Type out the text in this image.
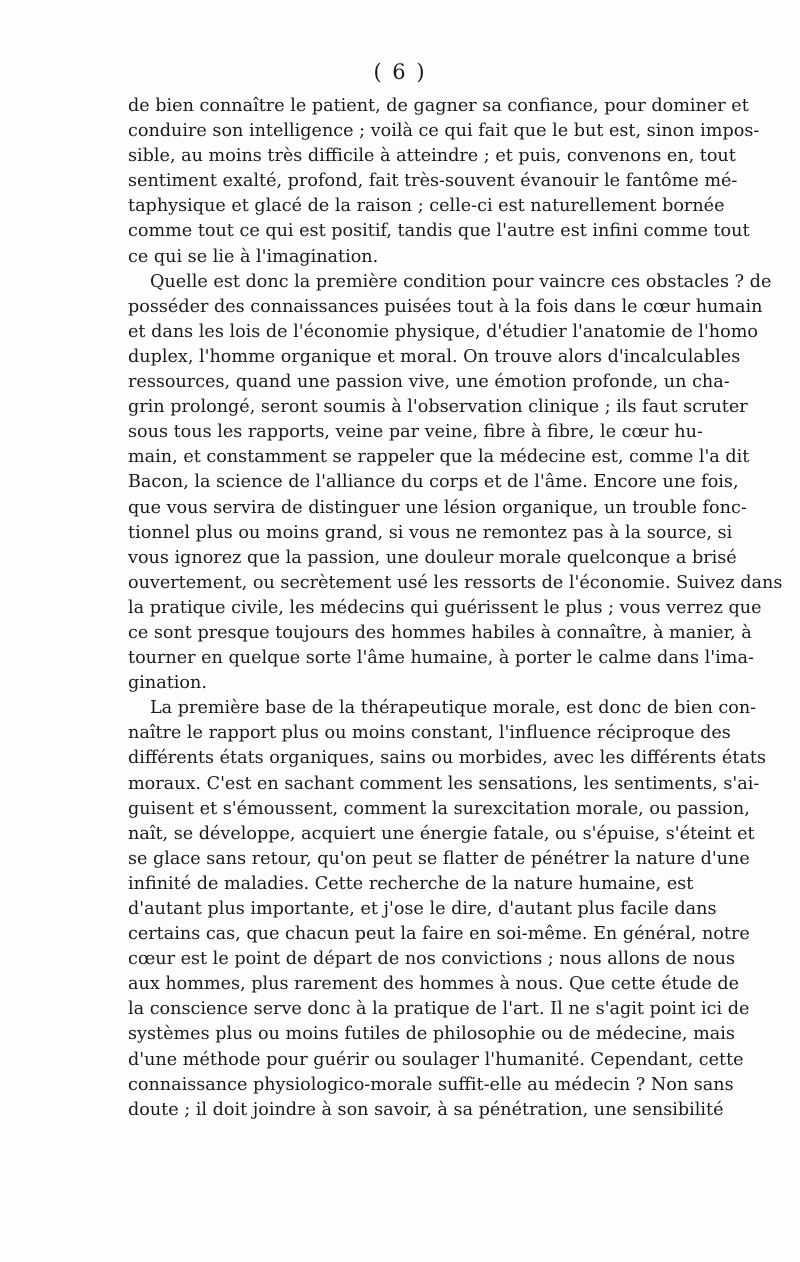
( 6 )
de bien connaître le patient, de gagner sa confiance, pour dominer et
conduire son intelligence ; voilà ce qui fait que le but est, sinon impos-
sible, au moins très difficile à atteindre ; et puis, convenons en, tout
sentiment exalté, profond, fait très-souvent évanouir le fantôme mé-
taphysique et glacé de la raison ; celle-ci est naturellement bornée
comme tout ce qui est positif, tandis que l'autre est infini comme tout
ce qui se lie à l'imagination.
Quelle est donc la première condition pour vaincre ces obstacles ? de
posséder des connaissances puisées tout à la fois dans le cœur humain
et dans les lois de l'économie physique, d'étudier l'anatomie de l'homo
duplex, l'homme organique et moral. On trouve alors d'incalculables
ressources, quand une passion vive, une émotion profonde, un cha-
grin prolongé, seront soumis à l'observation clinique ; ils faut scruter
sous tous les rapports, veine par veine, fibre à fibre, le cœur hu-
main, et constamment se rappeler que la médecine est, comme l'a dit
Bacon, la science de l'alliance du corps et de l'âme. Encore une fois,
que vous servira de distinguer une lésion organique, un trouble fonc-
tionnel plus ou moins grand, si vous ne remontez pas à la source, si
vous ignorez que la passion, une douleur morale quelconque a brisé
ouvertement, ou secrètement usé les ressorts de l'économie. Suivez dans
la pratique civile, les médecins qui guérissent le plus ; vous verrez que
ce sont presque toujours des hommes habiles à connaître, à manier, à
tourner en quelque sorte l'âme humaine, à porter le calme dans l'ima-
gination.
La première base de la thérapeutique morale, est donc de bien con-
naître le rapport plus ou moins constant, l'influence réciproque des
différents états organiques, sains ou morbides, avec les différents états
moraux. C'est en sachant comment les sensations, les sentiments, s'ai-
guisent et s'émoussent, comment la surexcitation morale, ou passion,
naît, se développe, acquiert une énergie fatale, ou s'épuise, s'éteint et
se glace sans retour, qu'on peut se flatter de pénétrer la nature d'une
infinité de maladies. Cette recherche de la nature humaine, est
d'autant plus importante, et j'ose le dire, d'autant plus facile dans
certains cas, que chacun peut la faire en soi-même. En général, notre
cœur est le point de départ de nos convictions ; nous allons de nous
aux hommes, plus rarement des hommes à nous. Que cette étude de
la conscience serve donc à la pratique de l'art. Il ne s'agit point ici de
systèmes plus ou moins futiles de philosophie ou de médecine, mais
d'une méthode pour guérir ou soulager l'humanité. Cependant, cette
connaissance physiologico-morale suffit-elle au médecin ? Non sans
doute ; il doit joindre à son savoir, à sa pénétration, une sensibilité
